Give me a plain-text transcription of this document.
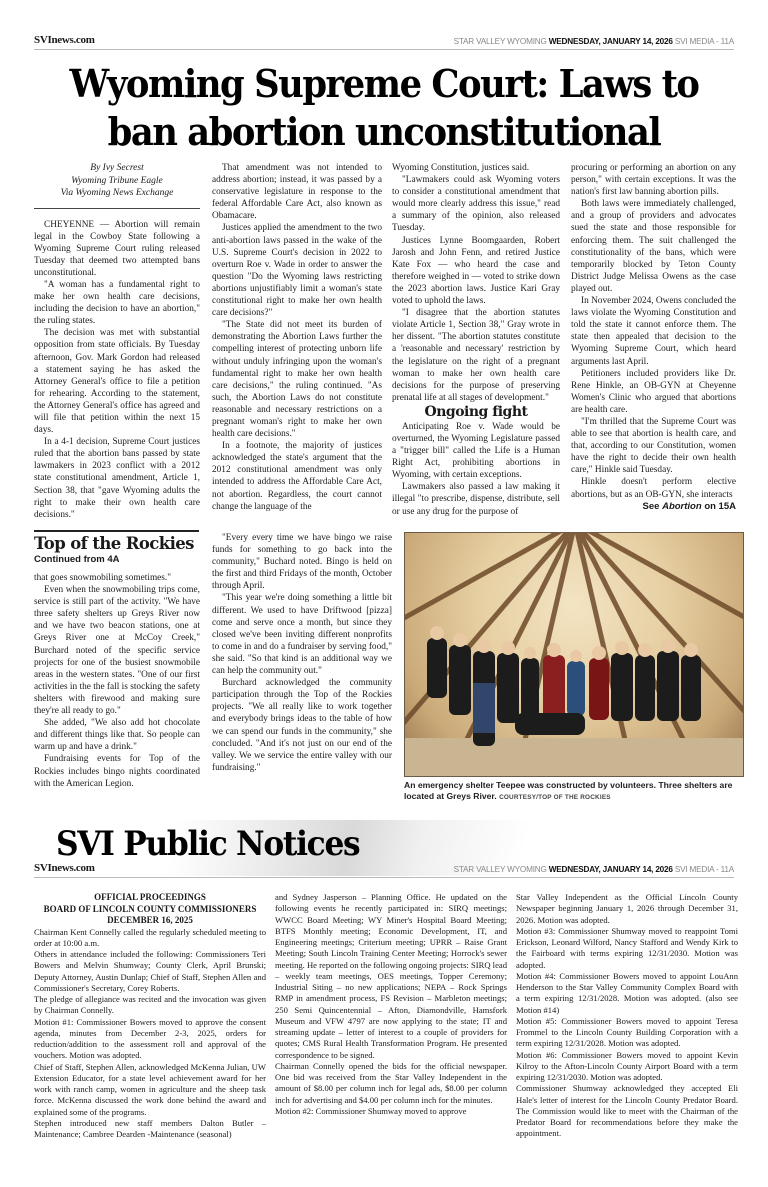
SVInews.com	STAR VALLEY WYOMING WEDNESDAY, JANUARY 14, 2026 SVI MEDIA - 11A
Wyoming Supreme Court: Laws to ban abortion unconstitutional
By Ivy Secrest
Wyoming Tribune Eagle
Via Wyoming News Exchange

CHEYENNE — Abortion will remain legal in the Cowboy State following a Wyoming Supreme Court ruling released Tuesday that deemed two attempted bans unconstitutional.

"A woman has a fundamental right to make her own health care decisions, including the decision to have an abortion," the ruling states.

The decision was met with substantial opposition from state officials. By Tuesday afternoon, Gov. Mark Gordon had released a statement saying he has asked the Attorney General's office to file a petition for rehearing. According to the statement, the Attorney General's office has agreed and will file that petition within the next 15 days.

In a 4-1 decision, Supreme Court justices ruled that the abortion bans passed by state lawmakers in 2023 conflict with a 2012 state constitutional amendment, Article 1, Section 38, that "gave Wyoming adults the right to make their own health care decisions."

That amendment was not intended to address abortion; instead, it was passed by a conservative legislature in response to the federal Affordable Care Act, also known as Obamacare.

Justices applied the amendment to the two anti-abortion laws passed in the wake of the U.S. Supreme Court's decision in 2022 to overturn Roe v. Wade in order to answer the question "Do the Wyoming laws restricting abortions unjustifiably limit a woman's state constitutional right to make her own health care decisions?"

"The State did not meet its burden of demonstrating the Abortion Laws further the compelling interest of protecting unborn life without unduly infringing upon the woman's fundamental right to make her own health care decisions," the ruling continued. "As such, the Abortion Laws do not constitute reasonable and necessary restrictions on a pregnant woman's right to make her own health care decisions."

In a footnote, the majority of justices acknowledged the state's argument that the 2012 constitutional amendment was only intended to address the Affordable Care Act, not abortion. Regardless, the court cannot change the language of the

Wyoming Constitution, justices said.

"Lawmakers could ask Wyoming voters to consider a constitutional amendment that would more clearly address this issue," read a summary of the opinion, also released Tuesday.

Justices Lynne Boomgaarden, Robert Jarosh and John Fenn, and retired Justice Kate Fox — who heard the case and therefore weighed in — voted to strike down the 2023 abortion laws. Justice Kari Gray voted to uphold the laws.

"I disagree that the abortion statutes violate Article 1, Section 38," Gray wrote in her dissent. "The abortion statutes constitute a 'reasonable and necessary' restriction by the legislature on the right of a pregnant woman to make her own health care decisions for the purpose of preserving prenatal life at all stages of development."

Ongoing fight

Anticipating Roe v. Wade would be overturned, the Wyoming Legislature passed a "trigger bill" called the Life is a Human Right Act, prohibiting abortions in Wyoming, with certain exceptions.

Lawmakers also passed a law making it illegal "to prescribe, dispense, distribute, sell or use any drug for the purpose of

procuring or performing an abortion on any person," with certain exceptions. It was the nation's first law banning abortion pills.

Both laws were immediately challenged, and a group of providers and advocates sued the state and those responsible for enforcing them. The suit challenged the constitutionality of the bans, which were temporarily blocked by Teton County District Judge Melissa Owens as the case played out.

In November 2024, Owens concluded the laws violate the Wyoming Constitution and told the state it cannot enforce them. The state then appealed that decision to the Wyoming Supreme Court, which heard arguments last April.

Petitioners included providers like Dr. Rene Hinkle, an OB-GYN at Cheyenne Women's Clinic who argued that abortions are health care.

"I'm thrilled that the Supreme Court was able to see that abortion is health care, and that, according to our Constitution, women have the right to decide their own health care," Hinkle said Tuesday.

Hinkle doesn't perform elective abortions, but as an OB-GYN, she interacts

See Abortion on 15A
Top of the Rockies
Continued from 4A

that goes snowmobiling sometimes."

Even when the snowmobiling trips come, service is still part of the activity. "We have three safety shelters up Greys River now and we have two beacon stations, one at Greys River one at McCoy Creek," Burchard noted of the specific service projects for one of the busiest snowmobile areas in the western states. "One of our first activities in the the fall is stocking the safety shelters with firewood and making sure they're all ready to go."

She added, "We also add hot chocolate and different things like that. So people can warm up and have a drink."

Fundraising events for Top of the Rockies includes bingo nights coordinated with the American Legion.

"Every every time we have bingo we raise funds for something to go back into the community," Buchard noted. Bingo is held on the first and third Fridays of the month, October through April.

"This year we're doing something a little bit different. We used to have Driftwood [pizza] come and serve once a month, but since they closed we've been inviting different nonprofits to come in and do a fundraiser by serving food," she said. "So that kind is an additional way we can help the community out."

Burchard acknowledged the community participation through the Top of the Rockies projects. "We all really like to work together and everybody brings ideas to the table of how we can spend our funds in the community," she concluded. "And it's not just on our end of the valley. We we service the entire valley with our fundraising."

An emergency shelter Teepee was constructed by volunteers. Three shelters are located at Greys River. COURTESY/TOP OF THE ROCKIES
SVI Public Notices
SVInews.com	STAR VALLEY WYOMING WEDNESDAY, JANUARY 14, 2026 SVI MEDIA - 11A
OFFICIAL PROCEEDINGS
BOARD OF LINCOLN COUNTY COMMISSIONERS
DECEMBER 16, 2025

Chairman Kent Connelly called the regularly scheduled meeting to order at 10:00 a.m.

Others in attendance included the following: Commissioners Teri Bowers and Melvin Shumway; County Clerk, April Brunski; Deputy Attorney, Austin Dunlap; Chief of Staff, Stephen Allen and Commissioner's Secretary, Corey Roberts.

The pledge of allegiance was recited and the invocation was given by Chairman Connelly.

Motion #1: Commissioner Bowers moved to approve the consent agenda, minutes from December 2-3, 2025, orders for reduction/addition to the assessment roll and approval of the vouchers. Motion was adopted.

Chief of Staff, Stephen Allen, acknowledged McKenna Julian, UW Extension Educator, for a state level achievement award for her work with ranch camp, women in agriculture and the sheep task force. McKenna discussed the work done behind the award and explained some of the programs.

Stephen introduced new staff members Dalton Butler – Maintenance; Cambree Dearden -Maintenance (seasonal)

and Sydney Jasperson – Planning Office. He updated on the following events he recently participated in: SIRQ meetings; WWCC Board Meeting; WY Miner's Hospital Board Meeting; BTFS Monthly meeting; Economic Development, IT, and Engineering meetings; Criterium meeting; UPRR – Raise Grant Meeting; South Lincoln Training Center Meeting; Horrock's sewer meeting. He reported on the following ongoing projects: SIRQ lead – weekly team meetings, OES meetings, Topper Ceremony; Industrial Siting – no new applications; NEPA – Rock Springs RMP in amendment process, FS Revision – Marbleton meetings; 250 Semi Quincentennial – Afton, Diamondville, Hamsfork Museum and VFW 4797 are now applying to the state; IT and streaming update – letter of interest to a couple of providers for quotes; CMS Rural Health Transformation Program. He presented correspondence to be signed.

Chairman Connelly opened the bids for the official newspaper. One bid was received from the Star Valley Independent in the amount of $8.00 per column inch for legal ads, $8.00 per column inch for advertising and $4.00 per column inch for the minutes.

Motion #2: Commissioner Shumway moved to approve

Star Valley Independent as the Official Lincoln County Newspaper beginning January 1, 2026 through December 31, 2026. Motion was adopted.

Motion #3: Commissioner Shumway moved to reappoint Tomi Erickson, Leonard Wilford, Nancy Stafford and Wendy Kirk to the Fairboard with terms expiring 12/31/2030. Motion was adopted.

Motion #4: Commissioner Bowers moved to appoint LouAnn Henderson to the Star Valley Community Complex Board with a term expiring 12/31/2028. Motion was adopted. (also see Motion #14)

Motion #5: Commissioner Bowers moved to appoint Teresa Frommel to the Lincoln County Building Corporation with a term expiring 12/31/2028. Motion was adopted.

Motion #6: Commissioner Bowers moved to appoint Kevin Kilroy to the Afton-Lincoln County Airport Board with a term expiring 12/31/2030. Motion was adopted.

Commissioner Shumway acknowledged they accepted Eli Hale's letter of interest for the Lincoln County Predator Board. The Commission would like to meet with the Chairman of the Predator Board for recommendations before they make the appointment.
